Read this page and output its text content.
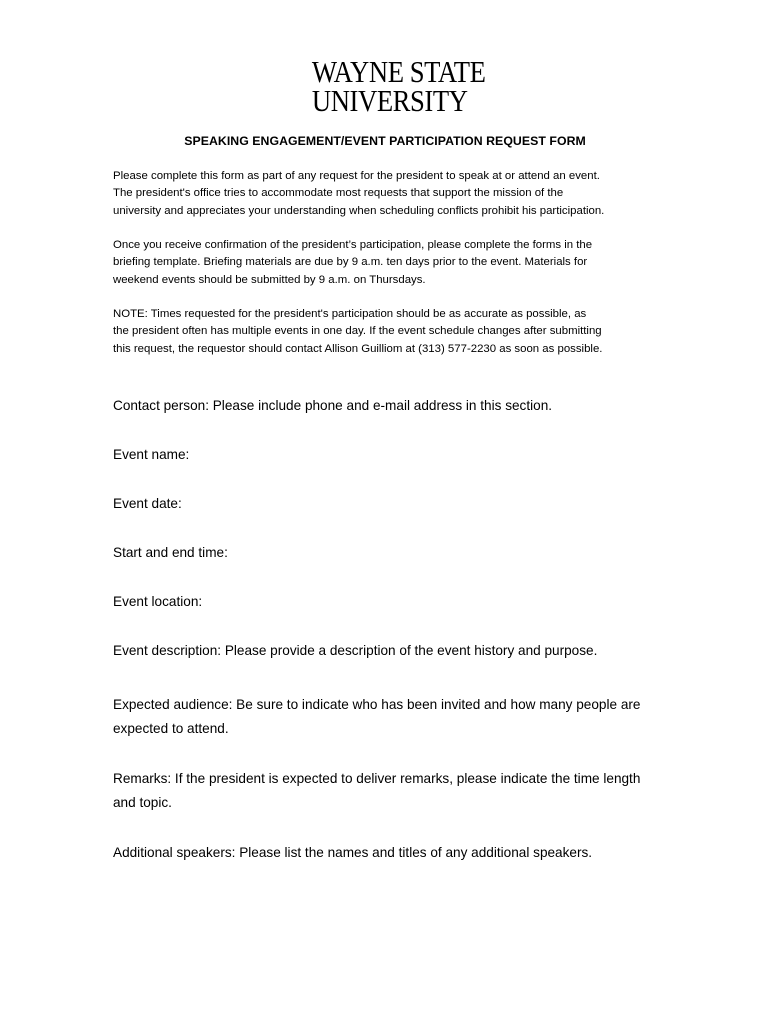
WAYNE STATE
UNIVERSITY
SPEAKING ENGAGEMENT/EVENT PARTICIPATION REQUEST FORM

Please complete this form as part of any request for the president to speak at or attend an event.

The president's office tries to accommodate most requests that support the mission of the

university and appreciates your understanding when scheduling conflicts prohibit his participation.

Once you receive confirmation of the president’s participation, please complete the forms in the

briefing template. Briefing materials are due by 9 a.m. ten days prior to the event. Materials for

weekend events should be submitted by 9 a.m. on Thursdays.

NOTE: Times requested for the president's participation should be as accurate as possible, as

the president often has multiple events in one day. If the event schedule changes after submitting

this request, the requestor should contact Allison Guilliom at (313) 577-2230 as soon as possible.

Contact person: Please include phone and e-mail address in this section.

Event name:

Event date:

Start and end time:

Event location:

Event description: Please provide a description of the event history and purpose.

Expected audience: Be sure to indicate who has been invited and how many people are

expected to attend.

Remarks: If the president is expected to deliver remarks, please indicate the time length

and topic.

Additional speakers: Please list the names and titles of any additional speakers.
